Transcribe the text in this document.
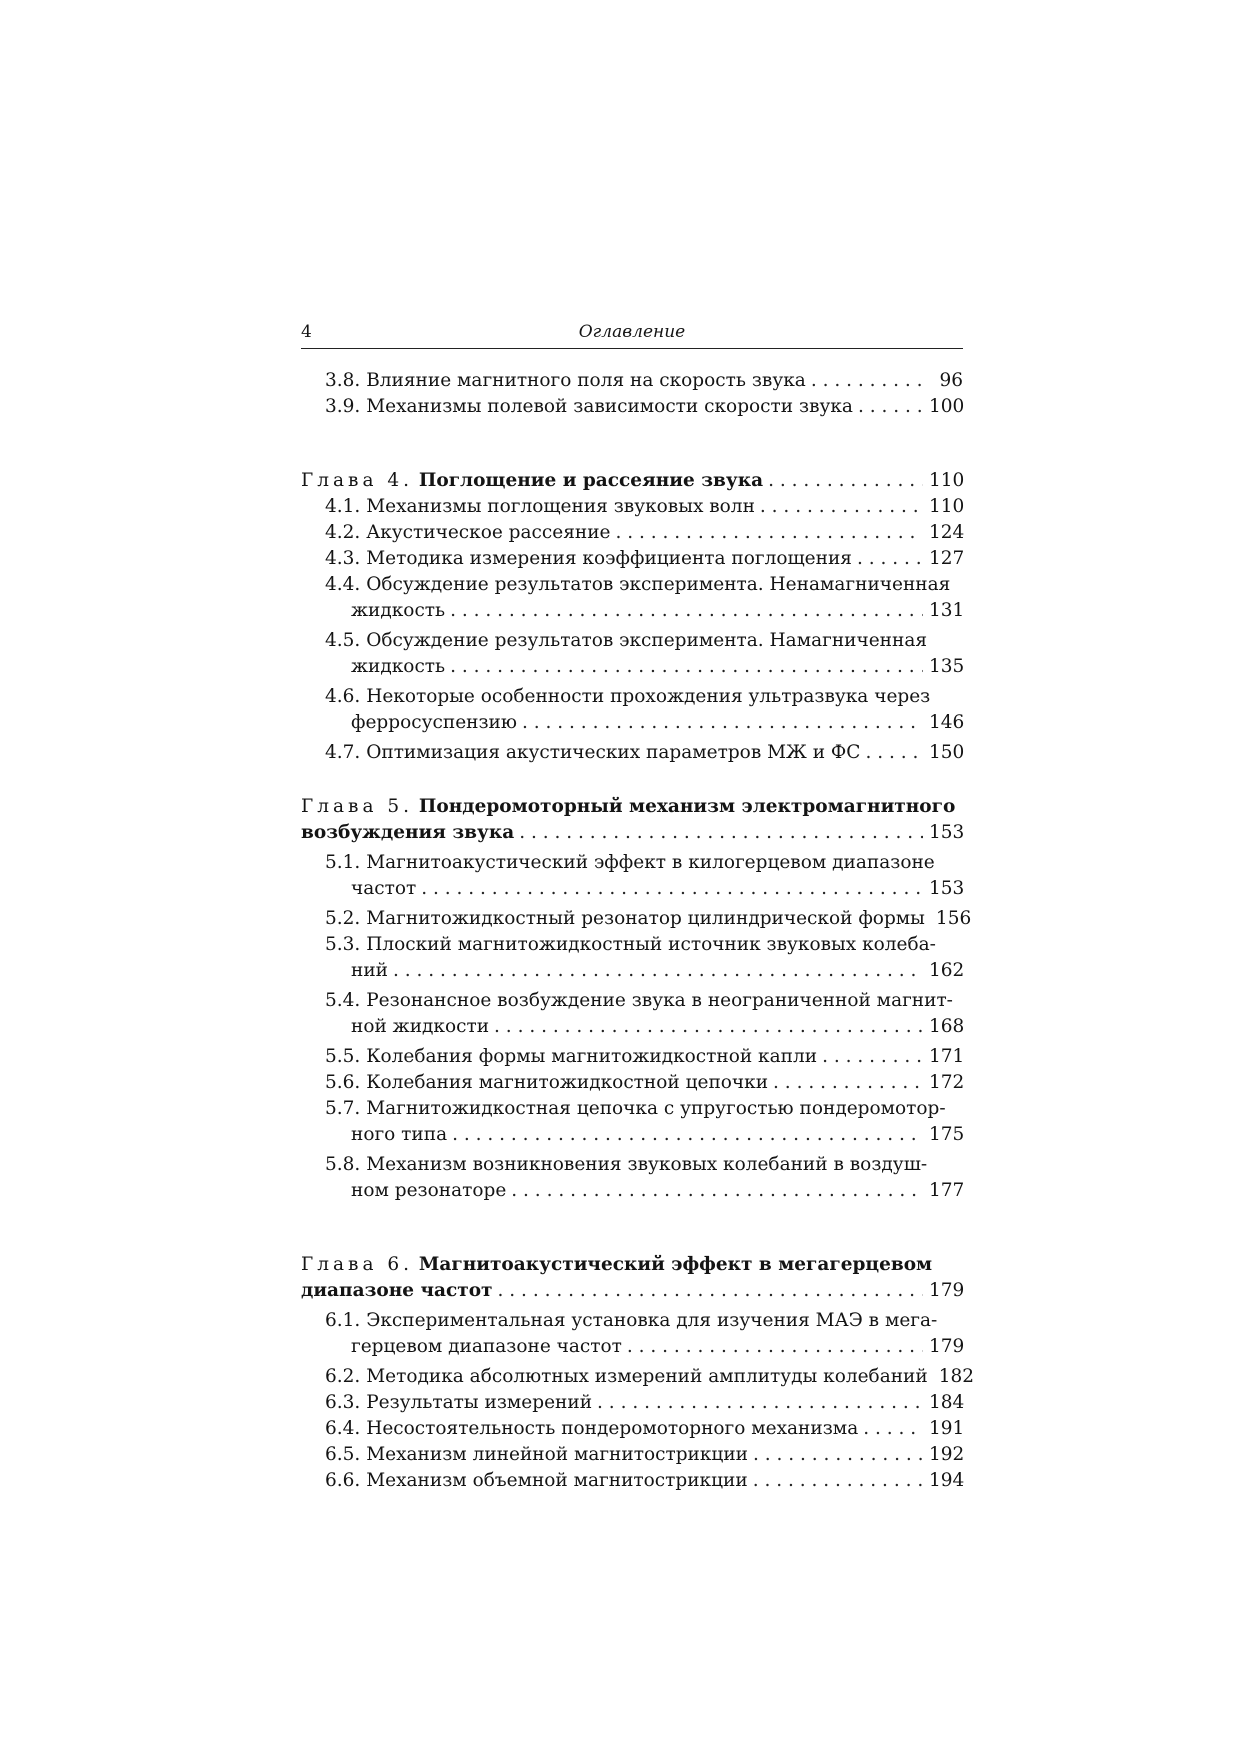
4	Оглавление
3.8. Влияние магнитного поля на скорость звука . . .	96
3.9. Механизмы полевой зависимости скорости звука . . .	100
Глава 4. Поглощение и рассеяние звука . . .	110
4.1. Механизмы поглощения звуковых волн . . .	110
4.2. Акустическое рассеяние . . .	124
4.3. Методика измерения коэффициента поглощения . . .	127
4.4. Обсуждение результатов эксперимента. Ненамагниченная
жидкость . . .	131
4.5. Обсуждение результатов эксперимента. Намагниченная
жидкость . . .	135
4.6. Некоторые особенности прохождения ультразвука через
ферросуспензию . . .	146
4.7. Оптимизация акустических параметров МЖ и ФС . . .	150
Глава 5. Пондеромоторный механизм электромагнитного
возбуждения звука . . .	153
5.1. Магнитоакустический эффект в килогерцевом диапазоне
частот . . .	153
5.2. Магнитожидкостный резонатор цилиндрической формы 156
5.3. Плоский магнитожидкостный источник звуковых колеба-
ний . . .	162
5.4. Резонансное возбуждение звука в неограниченной магнит-
ной жидкости . . .	168
5.5. Колебания формы магнитожидкостной капли . . .	171
5.6. Колебания магнитожидкостной цепочки . . .	172
5.7. Магнитожидкостная цепочка с упругостью пондеромотор-
ного типа . . .	175
5.8. Механизм возникновения звуковых колебаний в воздуш-
ном резонаторе . . .	177
Глава 6. Магнитоакустический эффект в мегагерцевом
диапазоне частот . . .	179
6.1. Экспериментальная установка для изучения МАЭ в мега-
герцевом диапазоне частот . . .	179
6.2. Методика абсолютных измерений амплитуды колебаний 182
6.3. Результаты измерений . . .	184
6.4. Несостоятельность пондеромоторного механизма . . .	191
6.5. Механизм линейной магнитострикции . . .	192
6.6. Механизм объемной магнитострикции . . .	194
